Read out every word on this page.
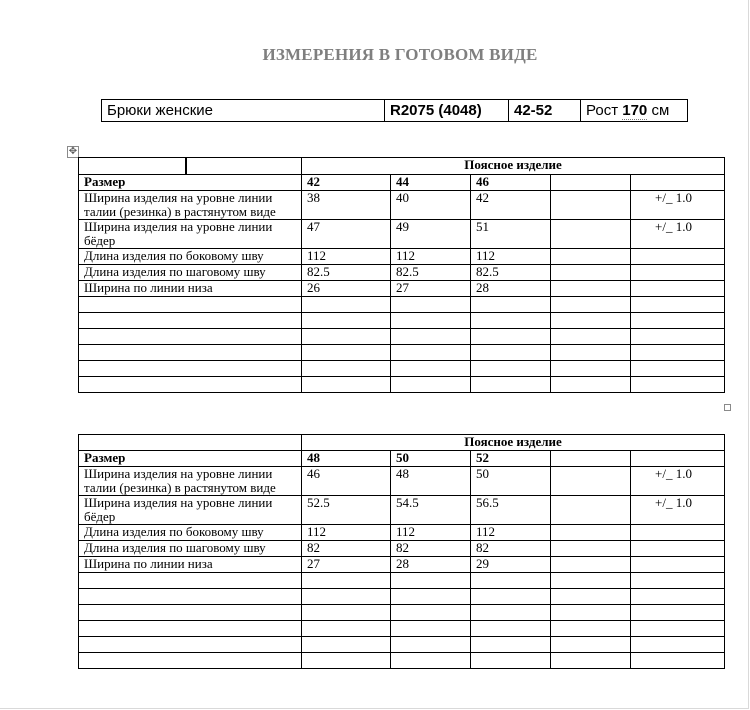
ИЗМЕРЕНИЯ В ГОТОВОМ ВИДЕ
Брюки женские	R2075 (4048)	42-52	Рост 170 см
✥
	Поясное изделие				
Размер	42	44	46		
Ширина изделия на уровне линии талии (резинка) в растянутом виде	38	40	42		+/_ 1.0
Ширина изделия на уровне линии бёдер	47	49	51		+/_ 1.0
Длина изделия по боковому шву	112	112	112		
Длина изделия по шаговому шву	82.5	82.5	82.5		
Ширина по линии низа	26	27	28		

	Поясное изделие				
Размер	48	50	52		
Ширина изделия на уровне линии талии (резинка) в растянутом виде	46	48	50		+/_ 1.0
Ширина изделия на уровне линии бёдер	52.5	54.5	56.5		+/_ 1.0
Длина изделия по боковому шву	112	112	112		
Длина изделия по шаговому шву	82	82	82		
Ширина по линии низа	27	28	29		
